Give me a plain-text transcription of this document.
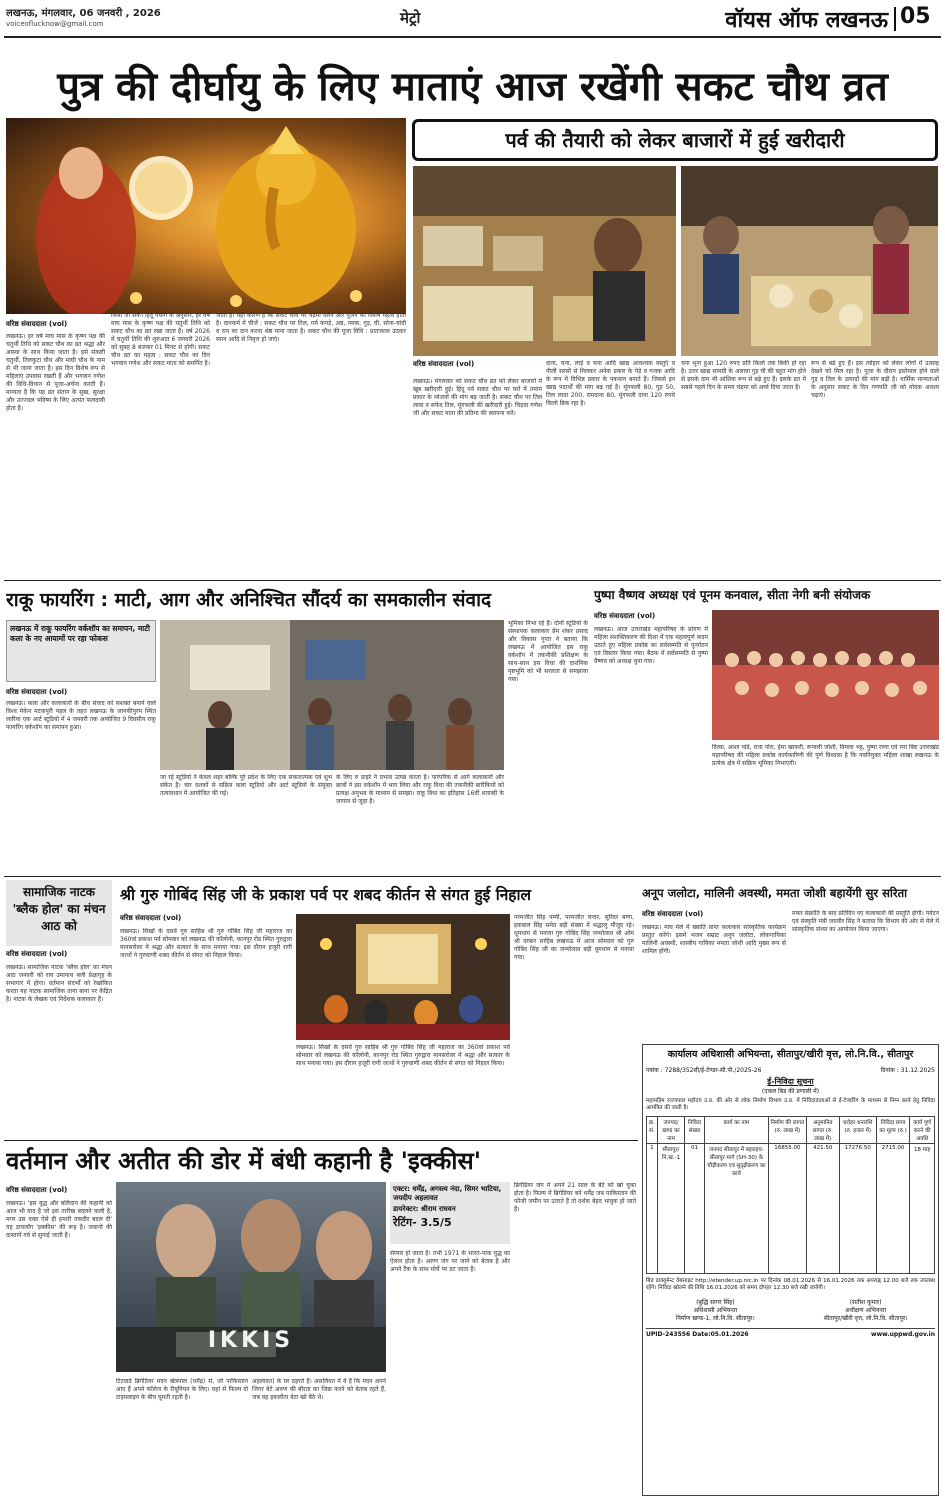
लखनऊ, मंगलवार, 06 जनवरी , 2026
voiceoflucknow@gmail.com	मेट्रो	वॉयस ऑफ लखनऊ 05
पुत्र की दीर्घायु के लिए माताएं आज रखेंगी सकट चौथ व्रत
पर्व की तैयारी को लेकर बाजारों में हुई खरीदारी
वरिष्ठ संवाददाता (vol)
लखनऊ। हर वर्ष माघ मास के कृष्ण पक्ष की चतुर्थी तिथि को सकट चौथ का व्रत श्रद्धा और आस्था के साथ किया जाता है। इसे संकष्टी चतुर्थी, तिलकुटा चौथ और माघी चौथ के नाम से भी जाना जाता है। इस दिन विशेष रूप से महिलाएं उपवास रखती हैं और भगवान गणेश की विधि-विधान से पूजा-अर्चना करती हैं। मान्यता है कि यह व्रत संतान के सुख, सुरक्षा और उज्ज्वल भविष्य के लिए अत्यंत फलदायी होता है।
किया जा सके। हिंदू पंचांग के अनुसार, हर वर्ष माघ मास के कृष्ण पक्ष की चतुर्थी तिथि को सकट चौथ का व्रत रखा जाता है। वर्ष 2026 में चतुर्थी तिथि की शुरुआत 6 जनवरी 2026 को सुबह 8 बजकर 01 मिनट से होगी। सकट चौथ व्रत का महत्व : सकट चौथ का दिन भगवान गणेश और सकट माता को समर्पित है।
जाता है। यही कारण है कि सकट चौथ पर चंद्रमा दर्शन और पूजन का विशेष महत्व होता है। दानकर्म में चीजें : सकट चौथ पर तिल, गर्म कपड़े, अन्न, नमक, गुड़, घी, सोना-चांदी व रत्न का दान करना श्रेष्ठ माना जाता है। सकट चौथ की पूजा विधि : प्रातःकाल उठकर स्नान आदि से निवृत्त हो जाएं।
वरिष्ठ संवाददाता (vol)
लखनऊ। मंगलवार को सकट चौथ व्रत को लेकर बाजारों में खूब खरीदारी हुई। हिंदू पर्व सकट चौथ पर घरों में तमाम प्रकार के व्यंजनों की मांग बढ़ जाती है। सकट चौथ पर तिल लावा व सफेद तिल, मूंगफली की खरीदारी हुई। चिड़वा गणेश जी और सकट माता की प्रतिमा की स्थापना करें।
दाना, चना, लाई व चना आदि खाद्य आवश्यक वस्तुएं व पीली सरसों से मिलकर अनेक प्रकार के पेड़े व गजक आदि के रूप में विभिन्न प्रकार के पकवान बनाते हैं। जिससे इन खाद्य पदार्थों की मांग बढ़ गई है। मूंगफली 80, गुड़ 50, तिल लावा 200, रामदाना 80, मूंगफली दाना 120 रुपये किलो बिक रहा है।
चना भुना हुआ 120 रुपए प्रति किलो तक बिकी हो रहा है। उत्तर खाद्य सामग्री के अलावा गुड़ घी की बहुत मांग होने से इसके दाम भी आंशिक रूप से बढ़े हुए हैं। इसके व्रत में सबसे पहले दिन के समय चंद्रमा को अर्घ्य दिया जाता है।
रूप से बढ़े हुए हैं। इस त्योहार को लेकर लोगों में उत्साह देखने को मिल रहा है। पूजा के दौरान इस्तेमाल होने वाले गुड़ व तिल के उत्पादों की मांग बढ़ी है। धार्मिक मान्यताओं के अनुसार सकट के दिन गणपति जी को मोदक अवश्य चढ़ाएं।
राकू फायरिंग : माटी, आग और अनिश्चित सौंदर्य का समकालीन संवाद
लखनऊ में राकू फायरिंग वर्कशॉप का समापन, माटी कला के नए आयामों पर रहा फोकस
वरिष्ठ संवाददाता (vol)
लखनऊ। कला और कलाकारों के बीच संवाद को सशक्त बनाने वाले विश्व मेकेन मटकपुरी पहल के तहत लखनऊ के जानकीपुरम स्थित लारिया एक आर्ट स्टूडियो में 4 जनवरी तक आयोजित 9 दिवसीय राकू फायरिंग वर्कशॉप का समापन हुआ।
जा रहे स्टूडियो ने केवल शहर बल्कि पूरे प्रदेश के लिए एक सकारात्मक एवं शुभ संकेत है। चार दशकों से सक्रिय कला स्टूडियो और आर्ट स्टूडियो के संयुक्त तत्वावधान में आयोजित की गई।
भूमिका निभा रहे हैं। दोनों स्टूडियो के संस्थापक कलाकार प्रेम शंकर प्रसाद और विकास गुप्ता ने बताया कि लखनऊ में आयोजित इस राकू वर्कशॉप में तकनीकी प्रशिक्षण के साथ-साथ इस विधा की दार्शनिक पृष्ठभूमि को भी सरलता से समझाया गया।
के लिए रु डाइरे ने प्रभाव उत्पन्न करता है। पारंपरिक से आगे कलाकारों और छात्रों ने इस वर्कशॉप में भाग लिया और राकू विधा की तकनीकी बारीकियों को प्रत्यक्ष अनुभव के माध्यम से समझा। राकू विधा का इतिहास 16वीं शताब्दी के जापान से जुड़ा है।
पुष्पा वैष्णव अध्यक्ष एवं पूनम कनवाल, सीता नेगी बनी संयोजक
वरिष्ठ संवाददाता (vol)
लखनऊ। आज उत्तराखंड महापरिषद के प्रांगण में महिला सशक्तिकरण की दिशा में एक महत्वपूर्ण कदम उठाते हुए महिला प्रकोष्ठ का सर्वसम्मति से पुनर्गठन एवं विस्तार किया गया। बैठक में सर्वसम्मति से पुष्पा वैष्णव को अध्यक्ष चुना गया।
दिव्या, आशा पांडे, राधा पोरा, हेमा खाकरी, रूपाली जोशी, विमला भट्ट, पुष्पा राणा एवं रमा बिष्ट उत्तराखंड महापरिषद की महिला प्रकोष्ठ कार्यकारिणी की पूर्ण विश्वास है कि नवनियुक्त महिला शाखा लखनऊ के प्रत्येक क्षेत्र में सक्रिय भूमिका निभाएगी।
सामाजिक नाटक 'ब्लैक होल' का मंचन आठ को
वरिष्ठ संवाददाता (vol)
लखनऊ। सामाजिक नाटक 'ब्लैक होल' का मंचन आठ जनवरी को राय उमानाथ बली प्रेक्षागृह के सभागार में होगा। वर्तमान संदर्भों को रेखांकित करता यह नाटक सामाजिक ताना बाना पर केंद्रित है। नाटक के लेखक एवं निर्देशक कलाकार हैं।
श्री गुरु गोबिंद सिंह जी के प्रकाश पर्व पर शबद कीर्तन से संगत हुई निहाल
वरिष्ठ संवाददाता (vol)
लखनऊ। सिखों के दसवें गुरु साहिब श्री गुरु गोबिंद सिंह जी महाराज का 360वां प्रकाश पर्व सोमवार को लखनऊ की कॉलोनी, कानपुर रोड स्थित गुरुद्वारा मानसरोवर में श्रद्धा और सत्कार के साथ मनाया गया। इस दौरान हजूरी रागी जत्थों ने गुरुवाणी शबद कीर्तन से संगत को निहाल किया।
परमजीत सिंह पम्मी, परमजीत चन्दर, सुरिंदर बग्गा, इकबाल सिंह समेत बड़ी संख्या में श्रद्धालु मौजूद रहे। धूमधाम से मनाया गुरु गोबिंद सिंह जन्मोत्सव श्री ओम श्री दरबार साहिब लखनऊ में आज सोमवार को गुरु गोबिंद सिंह जी का जन्मोत्सव बड़ी धूमधाम से मनाया गया।
लखनऊ। सिखों के दसवें गुरु साहिब श्री गुरु गोबिंद सिंह जी महाराज का 360वां प्रकाश पर्व सोमवार को लखनऊ की कॉलोनी, कानपुर रोड स्थित गुरुद्वारा मानसरोवर में श्रद्धा और सत्कार के साथ मनाया गया। इस दौरान हजूरी रागी जत्थों ने गुरुवाणी शबद कीर्तन से संगत को निहाल किया।
अनूप जलोटा, मालिनी अवस्थी, ममता जोशी बहायेंगी सुर सरिता
वरिष्ठ संवाददाता (vol)
लखनऊ। माघ मेले में ख्याति प्राप्त कलाकार सांस्कृतिक कार्यक्रम प्रस्तुत करेंगे। इसमें भजन सम्राट अनूप जलोटा, लोकगायिका मालिनी अवस्थी, शास्त्रीय गायिका ममता जोशी आदि मुख्य रूप से शामिल होंगी।
मकर संक्रांति के बाद प्रतिदिन नए कलाकारों की प्रस्तुति होगी। पर्यटन एवं संस्कृति मंत्री जयवीर सिंह ने बताया कि विभाग की ओर से मेले में सांस्कृतिक संध्या का आयोजन किया जाएगा।
कार्यालय अधिशासी अभियन्ता, सीतापुर/खीरी वृत्त, लो.नि.वि., सीतापुर
पत्रांक : 7288/352सी/ई-टेण्डर-सी.पी./2025-26	दिनांक : 31.12.2025
ई-निविदा सूचना
(एकल बिड की प्रणाली में)
महामहिम राज्यपाल महोदय उ.प्र. की ओर से लोक निर्माण विभाग उ.प्र. में निविदादाताओं से ई-टेण्डरिंग के माध्यम से निम्न कार्य हेतु निविदा आमंत्रित की जाती है।
क्र. सं.	जनपद/ खण्ड का नाम	निविदा संख्या	कार्य का नाम	निर्माण की लागत (रु. लाख में)	अनुमानित लागत (रु. लाख में)	धरोहर धनराशि (रु. हजार में)	निविदा प्रपत्र का मूल्य (रु.)	कार्य पूर्ण करने की अवधि
1	सीतापुर/ नि.खं.-1	01	जनपद सीतापुर में बहराइच-सीतापुर मार्ग (SH-30) के चौड़ीकरण एवं सुदृढ़ीकरण का कार्य	16855.00	421.50	17276.50	2715.00	18 माह
बिड डाक्यूमेन्ट वेबसाइट http://etender.up.nic.in पर दिनांक 08.01.2026 से 16.01.2026 तक अपराह्न 12.00 बजे तक उपलब्ध रहेंगे। निविदा खोलने की तिथि 16.01.2026 को समय दोपहर 12.30 बजे रखी जायेगी।
(बुद्धि सागर सिंह)
अधिशासी अभियन्ता
निर्माण खण्ड-1, लो.नि.वि. सीतापुर।
(सतीश कुमार)
अधीक्षण अभियन्ता
सीतापुर/खीरी वृत्त, लो.नि.वि. सीतापुर।
UPID-243556 Date:05.01.2026	www.uppwd.gov.in
वर्तमान और अतीत की डोर में बंधी कहानी है 'इक्कीस'
वरिष्ठ संवाददाता (vol)
IKKIS
एक्टर: धर्मेंद्र, अगस्त्य नंदा, सिमर भाटिया, जयदीप अहलावत
डायरेक्टर: श्रीराम राघवन
रेटिंग- 3.5/5
लखनऊ। 'इस युद्ध और बलिदान की कहानी को आज भी याद है जो इस तारीख बदलने वाली है, मगर उस वक्त ऐसे ही हमारी तकदीर बदल दी' यह डायलॉग 'इक्कीस' की रूह है। जवानों की दास्तानें गर्व से सुनाई जाती हैं।
टिटवार्ड ब्रिगेडियर मदन खेत्रपाल (धर्मेंद्र) से, जो पाकिस्तान आए हैं अपने कॉलेज के रीयूनियन के लिए। यहां से फिल्म दो टाइमलाइन के बीच घूमती रहती है।
अहलावत) के घर ठहरते हैं। असलियत में ये हैं कि मदन अपने जिगर बेटे अरुण की बीरता का जिक्र करने को बेताब रहते हैं, जब वह इकलौता बेटा खो बैठे थे।
सेप्यार हो जाता है। तभी 1971 के भारत-पाक युद्ध का ऐलान होता है। अरुण जंग पर जाने को बेताब है और अपने टैंक के साथ मोर्चे पर डट जाता है।
ब्रिगेडियर जंग में अपने 21 साल के बेटे को खो चुका होता है। फिल्म में ब्रिगेडियर बने धर्मेंद्र जब पाकिस्तान की फौजी जमीन पर उतरते हैं तो दर्शक बेहद भावुक हो जाते हैं।
